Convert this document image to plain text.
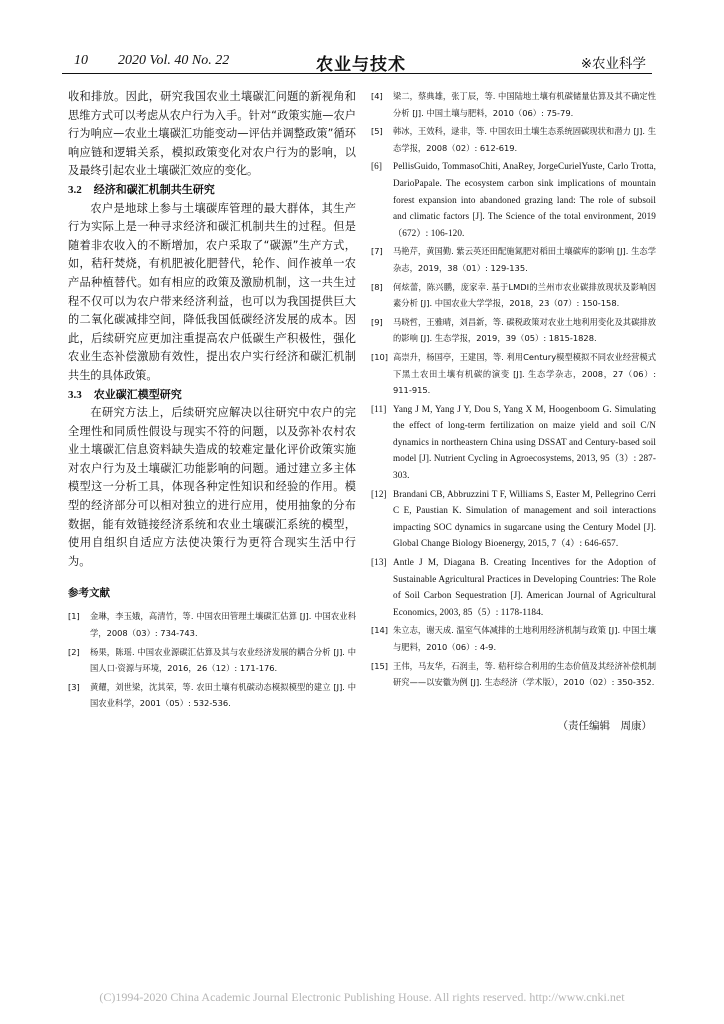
10 2020 Vol. 40 No. 22	农业与技术	※农业科学

收和排放。因此，研究我国农业土壤碳汇问题的新视角和思维方式可以考虑从农户行为入手。针对“政策实施—农户行为响应—农业土壤碳汇功能变动—评估并调整政策”循环响应链和逻辑关系，模拟政策变化对农户行为的影响，以及最终引起农业土壤碳汇效应的变化。

3.2 经济和碳汇机制共生研究

农户是地球上参与土壤碳库管理的最大群体，其生产行为实际上是一种寻求经济和碳汇机制共生的过程。但是随着非农收入的不断增加，农户采取了“碳源”生产方式，如，秸秆焚烧，有机肥被化肥替代，轮作、间作被单一农产品种植替代。如有相应的政策及激励机制，这一共生过程不仅可以为农户带来经济利益，也可以为我国提供巨大的二氧化碳减排空间，降低我国低碳经济发展的成本。因此，后续研究应更加注重提高农户低碳生产积极性，强化农业生态补偿激励有效性，提出农户实行经济和碳汇机制共生的具体政策。

3.3 农业碳汇模型研究

在研究方法上，后续研究应解决以往研究中农户的完全理性和同质性假设与现实不符的问题，以及弥补农村农业土壤碳汇信息资料缺失造成的较难定量化评价政策实施对农户行为及土壤碳汇功能影响的问题。通过建立多主体模型这一分析工具，体现各种定性知识和经验的作用。模型的经济部分可以相对独立的进行应用，使用抽象的分布数据，能有效链接经济系统和农业土壤碳汇系统的模型，使用自组织自适应方法使决策行为更符合现实生活中行为。

参考文献

[1] 金琳，李玉娥，高清竹，等. 中国农田管理土壤碳汇估算 [J]. 中国农业科学，2008（03）: 734-743.

[2] 杨果，陈瑶. 中国农业源碳汇估算及其与农业经济发展的耦合分析 [J]. 中国人口·资源与环境，2016，26（12）: 171-176.

[3] 黄耀，刘世梁，沈其荣，等. 农田土壤有机碳动态模拟模型的建立 [J]. 中国农业科学，2001（05）: 532-536.

[4] 梁二，蔡典雄，张丁辰，等. 中国陆地土壤有机碳储量估算及其不确定性分析 [J]. 中国土壤与肥料，2010（06）: 75-79.

[5] 韩冰，王效科，逯非，等. 中国农田土壤生态系统固碳现状和潜力 [J]. 生态学报，2008（02）: 612-619.

[6] PellisGuido, TommasoChiti, AnaRey, JorgeCurielYuste, Carlo Trotta, DarioPapale. The ecosystem carbon sink implications of mountain forest expansion into abandoned grazing land: The role of subsoil and climatic factors [J]. The Science of the total environment, 2019（672）: 106-120.

[7] 马艳芹，黄国勤. 紫云英还田配施氮肥对稻田土壤碳库的影响 [J]. 生态学杂志，2019，38（01）: 129-135.

[8] 何炫蕾，陈兴鹏，庞家幸. 基于LMDI的兰州市农业碳排放现状及影响因素分析 [J]. 中国农业大学学报，2018，23（07）: 150-158.

[9] 马晓哲，王雅晴，刘昌新，等. 碳税政策对农业土地利用变化及其碳排放的影响 [J]. 生态学报，2019，39（05）: 1815-1828.

[10] 高崇升，杨国亭，王建国，等. 利用Century模型模拟不同农业经营模式下黑土农田土壤有机碳的演变 [J]. 生态学杂志，2008，27（06）: 911-915.

[11] Yang J M, Yang J Y, Dou S, Yang X M, Hoogenboom G. Simulating the effect of long-term fertilization on maize yield and soil C/N dynamics in northeastern China using DSSAT and Century-based soil model [J]. Nutrient Cycling in Agroecosystems, 2013, 95（3）: 287-303.

[12] Brandani CB, Abbruzzini T F, Williams S, Easter M, Pellegrino Cerri C E, Paustian K. Simulation of management and soil interactions impacting SOC dynamics in sugarcane using the Century Model [J]. Global Change Biology Bioenergy, 2015, 7（4）: 646-657.

[13] Antle J M, Diagana B. Creating Incentives for the Adoption of Sustainable Agricultural Practices in Developing Countries: The Role of Soil Carbon Sequestration [J]. American Journal of Agricultural Economics, 2003, 85（5）: 1178-1184.

[14] 朱立志，谢天成. 温室气体减排的土地利用经济机制与政策 [J]. 中国土壤与肥料，2010（06）: 4-9.

[15] 王伟，马友华，石润圭，等. 秸秆综合利用的生态价值及其经济补偿机制研究——以安徽为例 [J]. 生态经济（学术版），2010（02）: 350-352.

（责任编辑　周康）
(C)1994-2020 China Academic Journal Electronic Publishing House. All rights reserved. http://www.cnki.net
